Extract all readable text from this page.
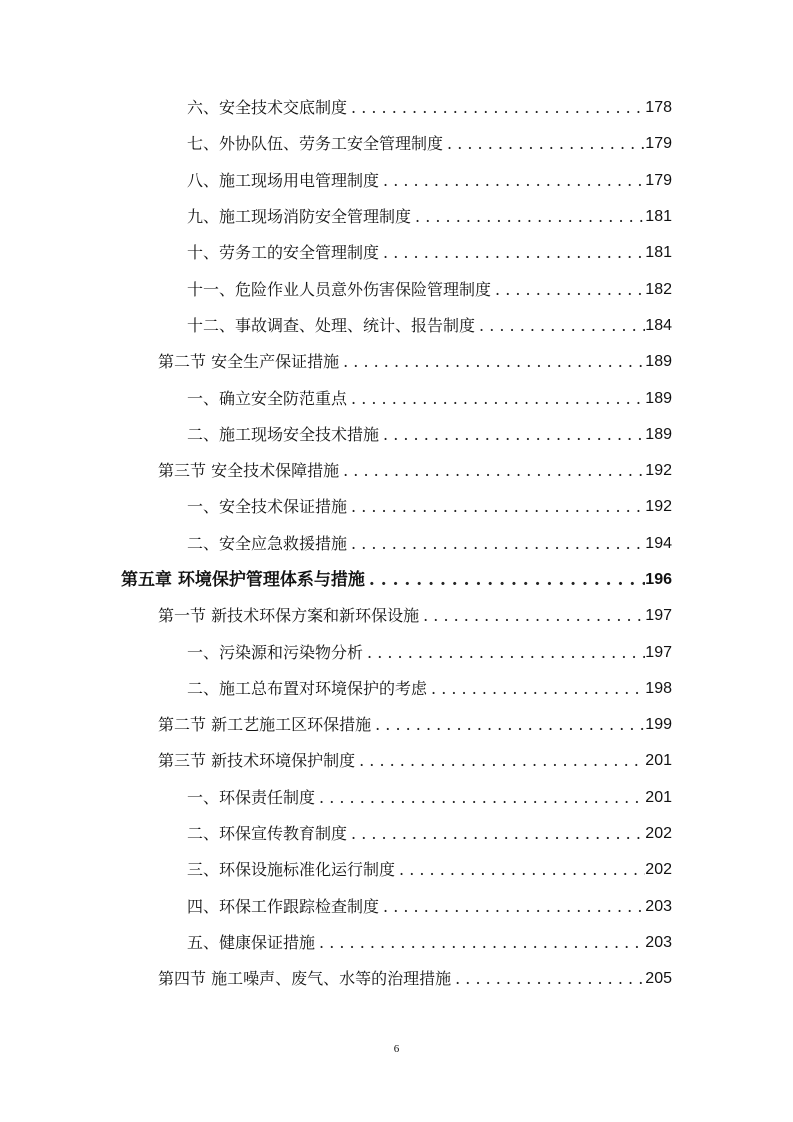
六、安全技术交底制度 . . .	178
七、外协队伍、劳务工安全管理制度 . . .	179
八、施工现场用电管理制度 . . .	179
九、施工现场消防安全管理制度 . . .	181
十、劳务工的安全管理制度 . . .	181
十一、危险作业人员意外伤害保险管理制度 . . .	182
十二、事故调查、处理、统计、报告制度 . . .	184
第二节 安全生产保证措施 . . .	189
一、确立安全防范重点 . . .	189
二、施工现场安全技术措施 . . .	189
第三节 安全技术保障措施 . . .	192
一、安全技术保证措施 . . .	192
二、安全应急救援措施 . . .	194
第五章 环境保护管理体系与措施 . . .	196
第一节 新技术环保方案和新环保设施 . . .	197
一、污染源和污染物分析 . . .	197
二、施工总布置对环境保护的考虑 . . .	198
第二节 新工艺施工区环保措施 . . .	199
第三节 新技术环境保护制度 . . .	201
一、环保责任制度 . . .	201
二、环保宣传教育制度 . . .	202
三、环保设施标准化运行制度 . . .	202
四、环保工作跟踪检查制度 . . .	203
五、健康保证措施 . . .	203
第四节 施工噪声、废气、水等的治理措施 . . .	205
6
